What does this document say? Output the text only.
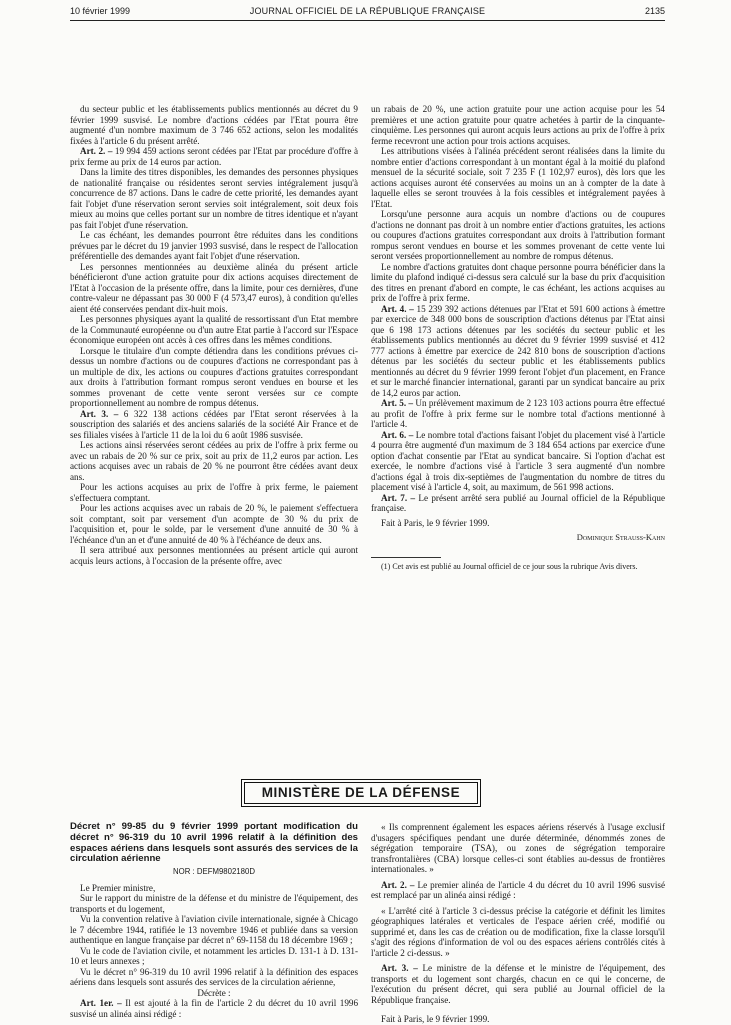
10 février 1999	JOURNAL OFFICIEL DE LA RÉPUBLIQUE FRANÇAISE	2135

du secteur public et les établissements publics mentionnés au décret du 9 février 1999 susvisé. Le nombre d'actions cédées par l'Etat pourra être augmenté d'un nombre maximum de 3 746 652 actions, selon les modalités fixées à l'article 6 du présent arrêté.

Art. 2. – 19 994 459 actions seront cédées par l'Etat par procédure d'offre à prix ferme au prix de 14 euros par action.

Dans la limite des titres disponibles, les demandes des personnes physiques de nationalité française ou résidentes seront servies intégralement jusqu'à concurrence de 87 actions. Dans le cadre de cette priorité, les demandes ayant fait l'objet d'une réservation seront servies soit intégralement, soit deux fois mieux au moins que celles portant sur un nombre de titres identique et n'ayant pas fait l'objet d'une réservation.

Le cas échéant, les demandes pourront être réduites dans les conditions prévues par le décret du 19 janvier 1993 susvisé, dans le respect de l'allocation préférentielle des demandes ayant fait l'objet d'une réservation.

Les personnes mentionnées au deuxième alinéa du présent article bénéficieront d'une action gratuite pour dix actions acquises directement de l'Etat à l'occasion de la présente offre, dans la limite, pour ces dernières, d'une contre-valeur ne dépassant pas 30 000 F (4 573,47 euros), à condition qu'elles aient été conservées pendant dix-huit mois.

Les personnes physiques ayant la qualité de ressortissant d'un Etat membre de la Communauté européenne ou d'un autre Etat partie à l'accord sur l'Espace économique européen ont accès à ces offres dans les mêmes conditions.

Lorsque le titulaire d'un compte détiendra dans les conditions prévues ci-dessus un nombre d'actions ou de coupures d'actions ne correspondant pas à un multiple de dix, les actions ou coupures d'actions gratuites correspondant aux droits à l'attribution formant rompus seront vendues en bourse et les sommes provenant de cette vente seront versées sur ce compte proportionnellement au nombre de rompus détenus.

Art. 3. – 6 322 138 actions cédées par l'Etat seront réservées à la souscription des salariés et des anciens salariés de la société Air France et de ses filiales visées à l'article 11 de la loi du 6 août 1986 susvisée.

Les actions ainsi réservées seront cédées au prix de l'offre à prix ferme ou avec un rabais de 20 % sur ce prix, soit au prix de 11,2 euros par action. Les actions acquises avec un rabais de 20 % ne pourront être cédées avant deux ans.

Pour les actions acquises au prix de l'offre à prix ferme, le paiement s'effectuera comptant.

Pour les actions acquises avec un rabais de 20 %, le paiement s'effectuera soit comptant, soit par versement d'un acompte de 30 % du prix de l'acquisition et, pour le solde, par le versement d'une annuité de 30 % à l'échéance d'un an et d'une annuité de 40 % à l'échéance de deux ans.

Il sera attribué aux personnes mentionnées au présent article qui auront acquis leurs actions, à l'occasion de la présente offre, avec

un rabais de 20 %, une action gratuite pour une action acquise pour les 54 premières et une action gratuite pour quatre achetées à partir de la cinquante-cinquième. Les personnes qui auront acquis leurs actions au prix de l'offre à prix ferme recevront une action pour trois actions acquises.

Les attributions visées à l'alinéa précédent seront réalisées dans la limite du nombre entier d'actions correspondant à un montant égal à la moitié du plafond mensuel de la sécurité sociale, soit 7 235 F (1 102,97 euros), dès lors que les actions acquises auront été conservées au moins un an à compter de la date à laquelle elles se seront trouvées à la fois cessibles et intégralement payées à l'Etat.

Lorsqu'une personne aura acquis un nombre d'actions ou de coupures d'actions ne donnant pas droit à un nombre entier d'actions gratuites, les actions ou coupures d'actions gratuites correspondant aux droits à l'attribution formant rompus seront vendues en bourse et les sommes provenant de cette vente lui seront versées proportionnellement au nombre de rompus détenus.

Le nombre d'actions gratuites dont chaque personne pourra bénéficier dans la limite du plafond indiqué ci-dessus sera calculé sur la base du prix d'acquisition des titres en prenant d'abord en compte, le cas échéant, les actions acquises au prix de l'offre à prix ferme.

Art. 4. – 15 239 392 actions détenues par l'Etat et 591 600 actions à émettre par exercice de 348 000 bons de souscription d'actions détenus par l'Etat ainsi que 6 198 173 actions détenues par les sociétés du secteur public et les établissements publics mentionnés au décret du 9 février 1999 susvisé et 412 777 actions à émettre par exercice de 242 810 bons de souscription d'actions détenus par les sociétés du secteur public et les établissements publics mentionnés au décret du 9 février 1999 feront l'objet d'un placement, en France et sur le marché financier international, garanti par un syndicat bancaire au prix de 14,2 euros par action.

Art. 5. – Un prélèvement maximum de 2 123 103 actions pourra être effectué au profit de l'offre à prix ferme sur le nombre total d'actions mentionné à l'article 4.

Art. 6. – Le nombre total d'actions faisant l'objet du placement visé à l'article 4 pourra être augmenté d'un maximum de 3 184 654 actions par exercice d'une option d'achat consentie par l'Etat au syndicat bancaire. Si l'option d'achat est exercée, le nombre d'actions visé à l'article 3 sera augmenté d'un nombre d'actions égal à trois dix-septièmes de l'augmentation du nombre de titres du placement visé à l'article 4, soit, au maximum, de 561 998 actions.

Art. 7. – Le présent arrêté sera publié au Journal officiel de la République française.

Fait à Paris, le 9 février 1999.

Dominique Strauss-Kahn

(1) Cet avis est publié au Journal officiel de ce jour sous la rubrique Avis divers.

MINISTÈRE DE LA DÉFENSE
Décret n° 99-85 du 9 février 1999 portant modification du décret n° 96-319 du 10 avril 1996 relatif à la définition des espaces aériens dans lesquels sont assurés des services de la circulation aérienne
NOR : DEFM9802180D

Le Premier ministre,

Sur le rapport du ministre de la défense et du ministre de l'équipement, des transports et du logement,

Vu la convention relative à l'aviation civile internationale, signée à Chicago le 7 décembre 1944, ratifiée le 13 novembre 1946 et publiée dans sa version authentique en langue française par décret n° 69-1158 du 18 décembre 1969 ;

Vu le code de l'aviation civile, et notamment les articles D. 131-1 à D. 131-10 et leurs annexes ;

Vu le décret n° 96-319 du 10 avril 1996 relatif à la définition des espaces aériens dans lesquels sont assurés des services de la circulation aérienne,

Décrète :

Art. 1er. – Il est ajouté à la fin de l'article 2 du décret du 10 avril 1996 susvisé un alinéa ainsi rédigé :

« Ils comprennent également les espaces aériens réservés à l'usage exclusif d'usagers spécifiques pendant une durée déterminée, dénommés zones de ségrégation temporaire (TSA), ou zones de ségrégation temporaire transfrontalières (CBA) lorsque celles-ci sont établies au-dessus de frontières internationales. »

Art. 2. – Le premier alinéa de l'article 4 du décret du 10 avril 1996 susvisé est remplacé par un alinéa ainsi rédigé :

« L'arrêté cité à l'article 3 ci-dessus précise la catégorie et définit les limites géographiques latérales et verticales de l'espace aérien créé, modifié ou supprimé et, dans les cas de création ou de modification, fixe la classe lorsqu'il s'agit des régions d'information de vol ou des espaces aériens contrôlés cités à l'article 2 ci-dessus. »

Art. 3. – Le ministre de la défense et le ministre de l'équipement, des transports et du logement sont chargés, chacun en ce qui le concerne, de l'exécution du présent décret, qui sera publié au Journal officiel de la République française.

Fait à Paris, le 9 février 1999.
